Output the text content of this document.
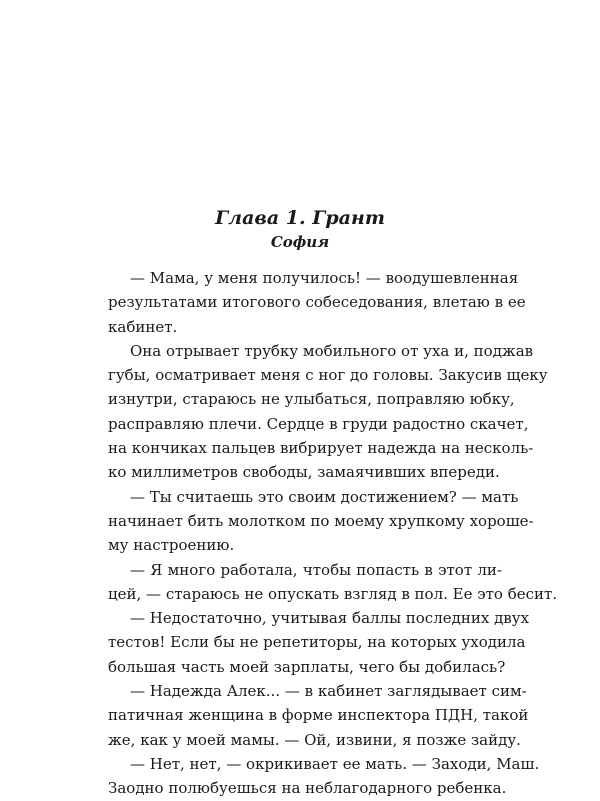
Глава 1. Грант

София

— Мама, у меня получилось! — воодушевленная
результатами итогового собеседования, влетаю в ее
кабинет.
Она отрывает трубку мобильного от уха и, поджав
губы, осматривает меня с ног до головы. Закусив щеку
изнутри, стараюсь не улыбаться, поправляю юбку,
расправляю плечи. Сердце в груди радостно скачет,
на кончиках пальцев вибрирует надежда на несколь-
ко миллиметров свободы, замаячивших впереди.
— Ты считаешь это своим достижением? — мать
начинает бить молотком по моему хрупкому хороше-
му настроению.
— Я много работала, чтобы попасть в этот ли-
цей, — стараюсь не опускать взгляд в пол. Ее это бесит.
— Недостаточно, учитывая баллы последних двух
тестов! Если бы не репетиторы, на которых уходила
большая часть моей зарплаты, чего бы добилась?
— Надежда Алек... — в кабинет заглядывает сим-
патичная женщина в форме инспектора ПДН, такой
же, как у моей мамы. — Ой, извини, я позже зайду.
— Нет, нет, — окрикивает ее мать. — Заходи, Маш.
Заодно полюбуешься на неблагодарного ребенка.
